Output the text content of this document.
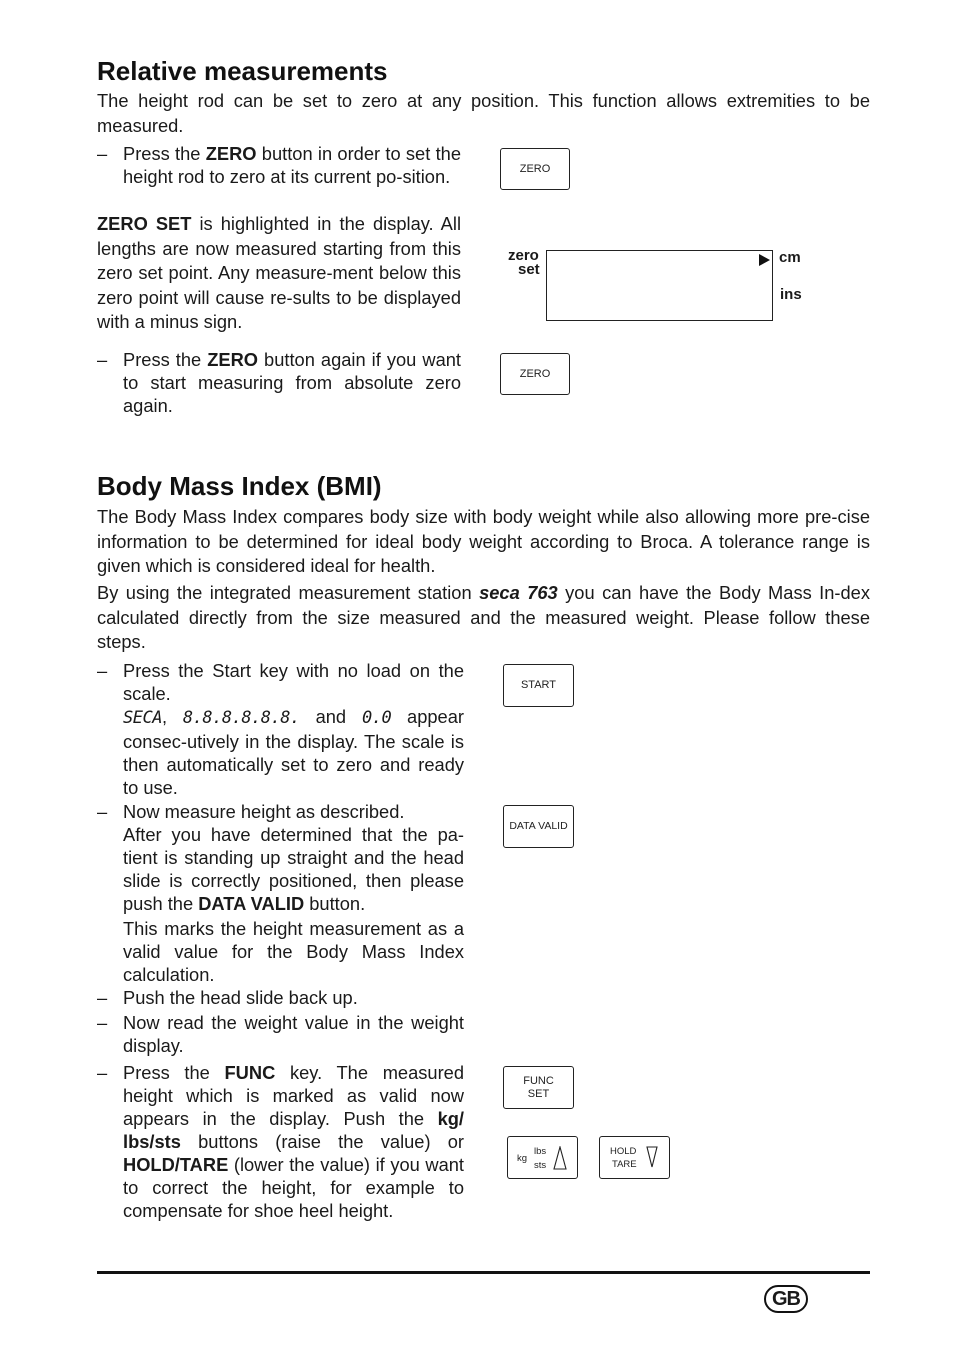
Relative measurements

The height rod can be set to zero at any position. This function allows extremities to be measured.

– Press the ZERO button in order to set the height rod to zero at its current po-sition.
ZERO SET is highlighted in the display. All lengths are now measured starting from this zero set point. Any measure-ment below this zero point will cause re-sults to be displayed with a minus sign.
– Press the ZERO button again if you want to start measuring from absolute zero again.
ZERO
zero
set
cm
ins
ZERO
Body Mass Index (BMI)

The Body Mass Index compares body size with body weight while also allowing more pre-cise information to be determined for ideal body weight according to Broca. A tolerance range is given which is considered ideal for health.

By using the integrated measurement station seca 763 you can have the Body Mass In-dex calculated directly from the size measured and the measured weight. Please follow these steps.

– Press the Start key with no load on the scale.
SECA, 8.8.8.8.8.8. and 0.0 appear consec-utively in the display. The scale is then automatically set to zero and ready to use.
– Now measure height as described.
After you have determined that the pa-tient is standing up straight and the head slide is correctly positioned, then please push the DATA VALID button.
This marks the height measurement as a valid value for the Body Mass Index calculation.
– Push the head slide back up.
– Now read the weight value in the weight display.
– Press the FUNC key. The measured height which is marked as valid now appears in the display. Push the kg/ lbs/sts buttons (raise the value) or HOLD/TARE (lower the value) if you want to correct the height, for example to compensate for shoe heel height.
START
DATA VALID
FUNC
SET
kg
lbs
sts
HOLD
TARE
GB
